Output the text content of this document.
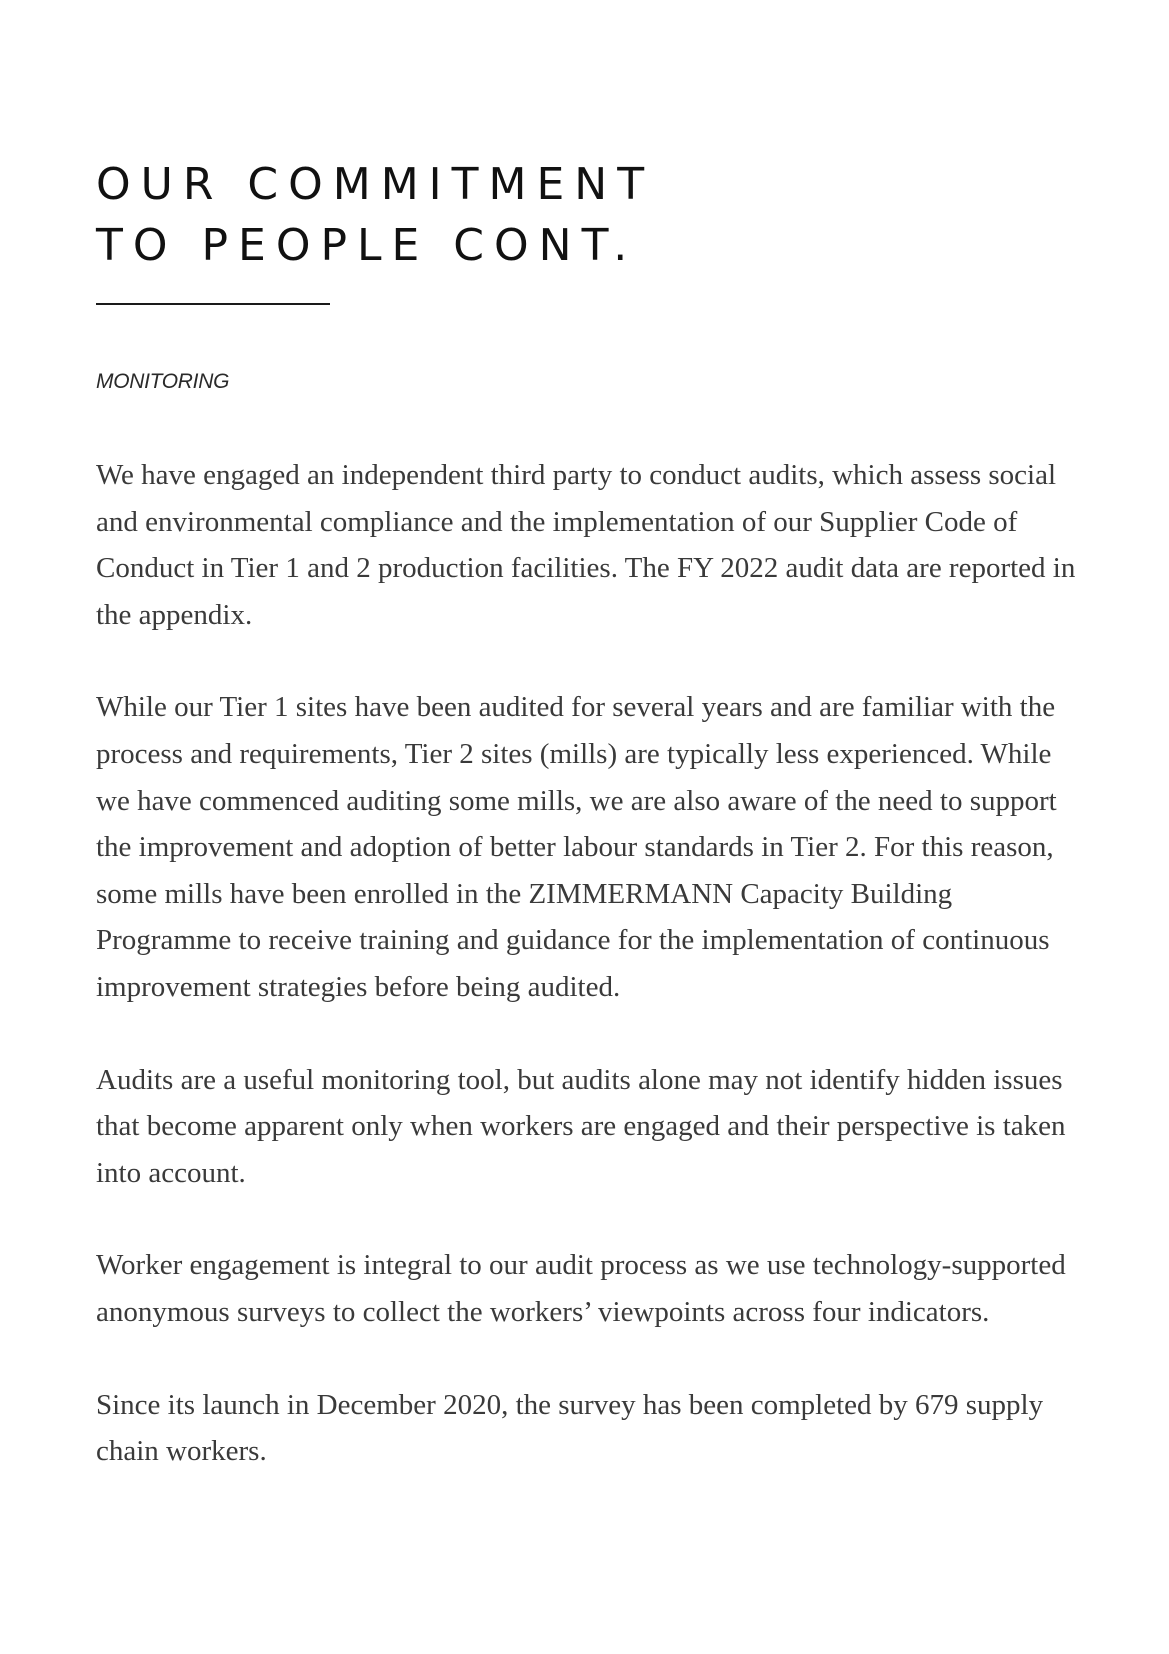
OUR COMMITMENT
TO PEOPLE CONT.

MONITORING

We have engaged an independent third party to conduct audits, which assess social and environmental compliance and the implementation of our Supplier Code of Conduct in Tier 1 and 2 production facilities. The FY 2022 audit data are reported in the appendix.

While our Tier 1 sites have been audited for several years and are familiar with the process and requirements, Tier 2 sites (mills) are typically less experienced. While we have commenced auditing some mills, we are also aware of the need to support the improvement and adoption of better labour standards in Tier 2. For this reason, some mills have been enrolled in the ZIMMERMANN Capacity Building Programme to receive training and guidance for the implementation of continuous improvement strategies before being audited.

Audits are a useful monitoring tool, but audits alone may not identify hidden issues that become apparent only when workers are engaged and their perspective is taken into account.

Worker engagement is integral to our audit process as we use technology-supported anonymous surveys to collect the workers’ viewpoints across four indicators.

Since its launch in December 2020, the survey has been completed by 679 supply chain workers.
